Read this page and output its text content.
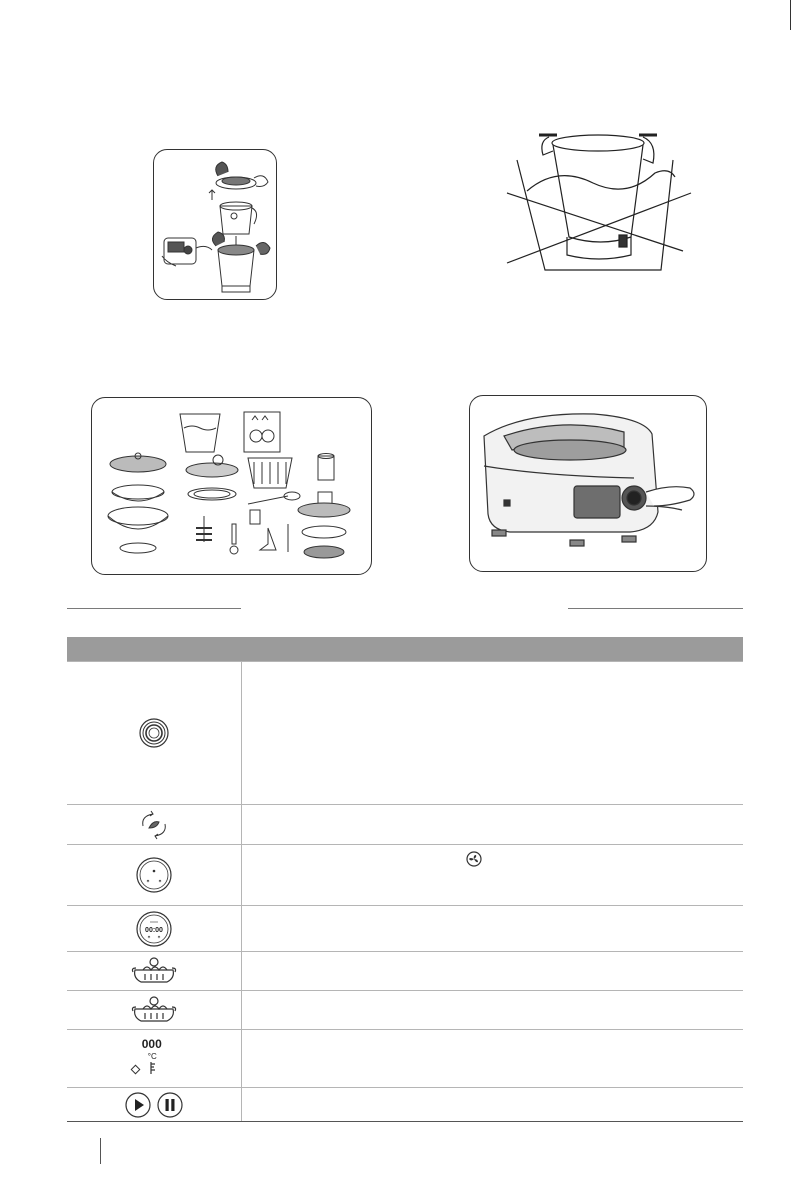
00:00	

000
°C	
